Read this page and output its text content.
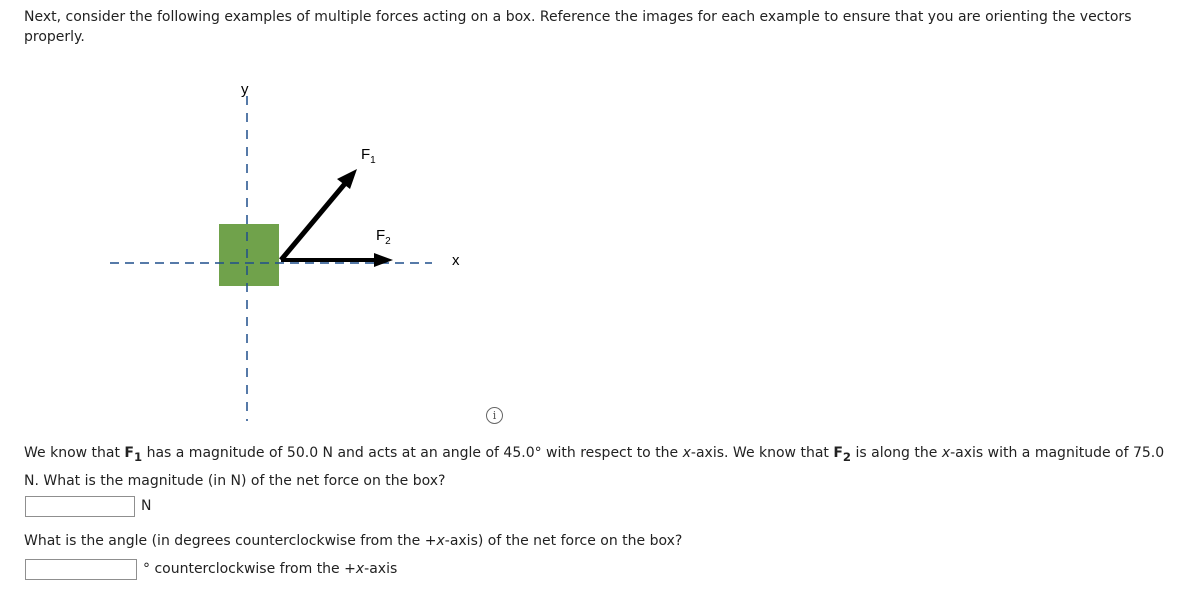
Next, consider the following examples of multiple forces acting on a box. Reference the images for each example to ensure that you are orienting the vectors properly.
y
x
$F_1$
$F_2$
i
We know that $F_1$ has a magnitude of 50.0 N and acts at an angle of 45.0° with respect to the x-axis. We know that $F_2$ is along the x-axis with a magnitude of 75.0 N. What is the magnitude (in N) of the net force on the box?
N
What is the angle (in degrees counterclockwise from the +x-axis) of the net force on the box?
° counterclockwise from the +x-axis
